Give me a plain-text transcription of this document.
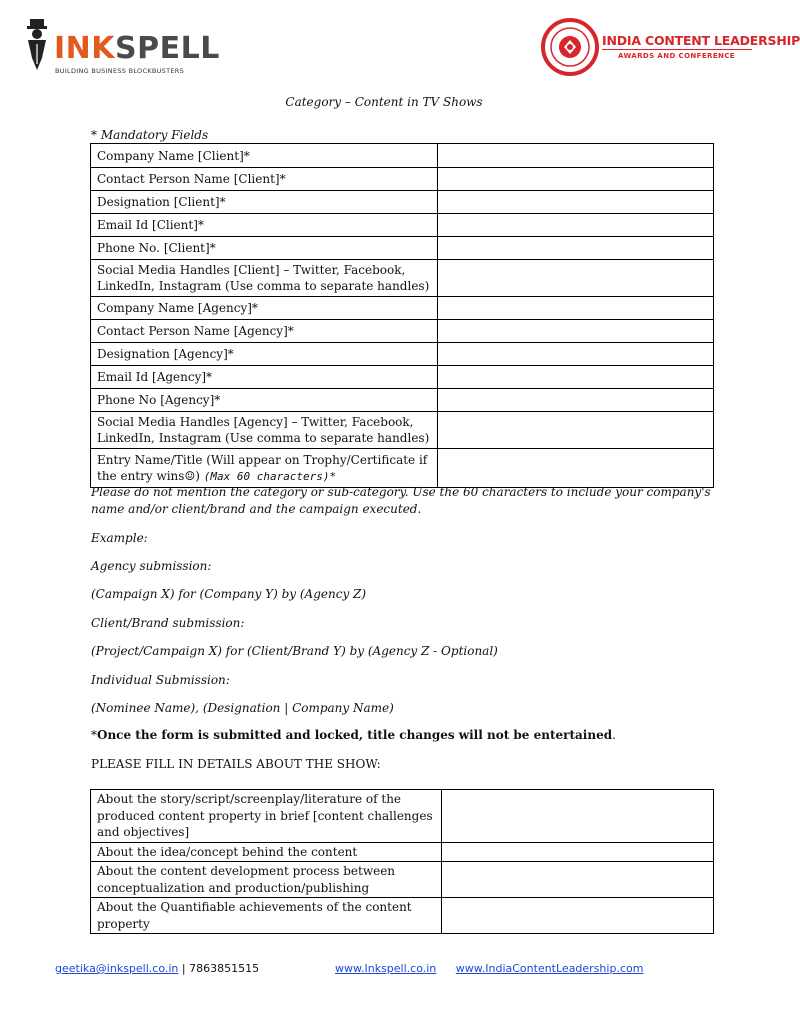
INKSPELL
BUILDING BUSINESS BLOCKBUSTERS
INDIA CONTENT LEADERSHIP
AWARDS AND CONFERENCE
Category – Content in TV Shows
* Mandatory Fields
Company Name [Client]*	
Contact Person Name [Client]*	
Designation [Client]*	
Email Id [Client]*	
Phone No. [Client]*	
Social Media Handles [Client] – Twitter, Facebook, LinkedIn, Instagram (Use comma to separate handles)	
Company Name [Agency]*	
Contact Person Name [Agency]*	
Designation [Agency]*	
Email Id [Agency]*	
Phone No [Agency]*	
Social Media Handles [Agency] – Twitter, Facebook, LinkedIn, Instagram (Use comma to separate handles)	
Entry Name/Title (Will appear on Trophy/Certificate if the entry wins☺) (Max 60 characters)*	
Please do not mention the category or sub-category. Use the 60 characters to include your company's name and/or client/brand and the campaign executed.
Example:
Agency submission:
(Campaign X) for (Company Y) by (Agency Z)
Client/Brand submission:
(Project/Campaign X) for (Client/Brand Y) by (Agency Z - Optional)
Individual Submission:
(Nominee Name), (Designation | Company Name)
*Once the form is submitted and locked, title changes will not be entertained.
PLEASE FILL IN DETAILS ABOUT THE SHOW:
About the story/script/screenplay/literature of the produced content property in brief [content challenges and objectives]	
About the idea/concept behind the content	
About the content development process between conceptualization and production/publishing	
About the Quantifiable achievements of the content property	
geetika@inkspell.co.in | 7863851515	www.Inkspell.co.in www.IndiaContentLeadership.com
